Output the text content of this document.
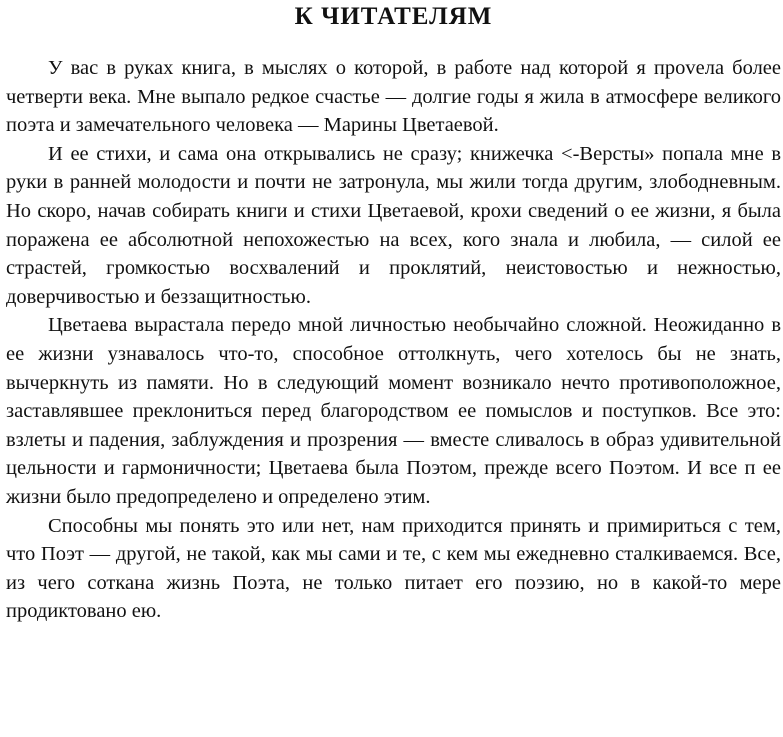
К ЧИТАТЕЛЯМ

У вас в руках книга, в мыслях о которой, в работе над которой я проvела более четверти века. Мне выпало редкое счастье — долгие годы я жила в атмосфере великого поэта и замечательного человека — Марины Цветаевой.

И ее стихи, и сама она открывались не сразу; книжечка <-Версты» попала мне в руки в ранней молодости и почти не затронула, мы жили тогда другим, злободневным. Но скоро, начав собирать книги и стихи Цветаевой, крохи сведений о ее жизни, я была поражена ее абсолютной непохожестью на всех, кого знала и любила, — силой ее страстей, громкостью восхвалений и проклятий, неистовостью и нежностью, доверчивостью и беззащитностью.

Цветаева вырастала передо мной личностью необычайно сложной. Неожиданно в ее жизни узнавалось что-то, способное оттолкнуть, чего хотелось бы не знать, вычеркнуть из памяти. Но в следующий момент возникало нечто противоположное, заставлявшее преклониться перед благородством ее помыслов и поступков. Все это: взлеты и падения, заблуждения и прозрения — вместе сливалось в образ удивительной цельности и гармоничности; Цветаева была Поэтом, прежде всего Поэтом. И все п ее жизни было предопределено и определено этим.

Способны мы понять это или нет, нам приходится принять и примириться с тем, что Поэт — другой, не такой, как мы сами и те, с кем мы ежедневно сталкиваемся. Все, из чего соткана жизнь Поэта, не только питает его поэзию, но в какой-то мере продиктовано ею.
